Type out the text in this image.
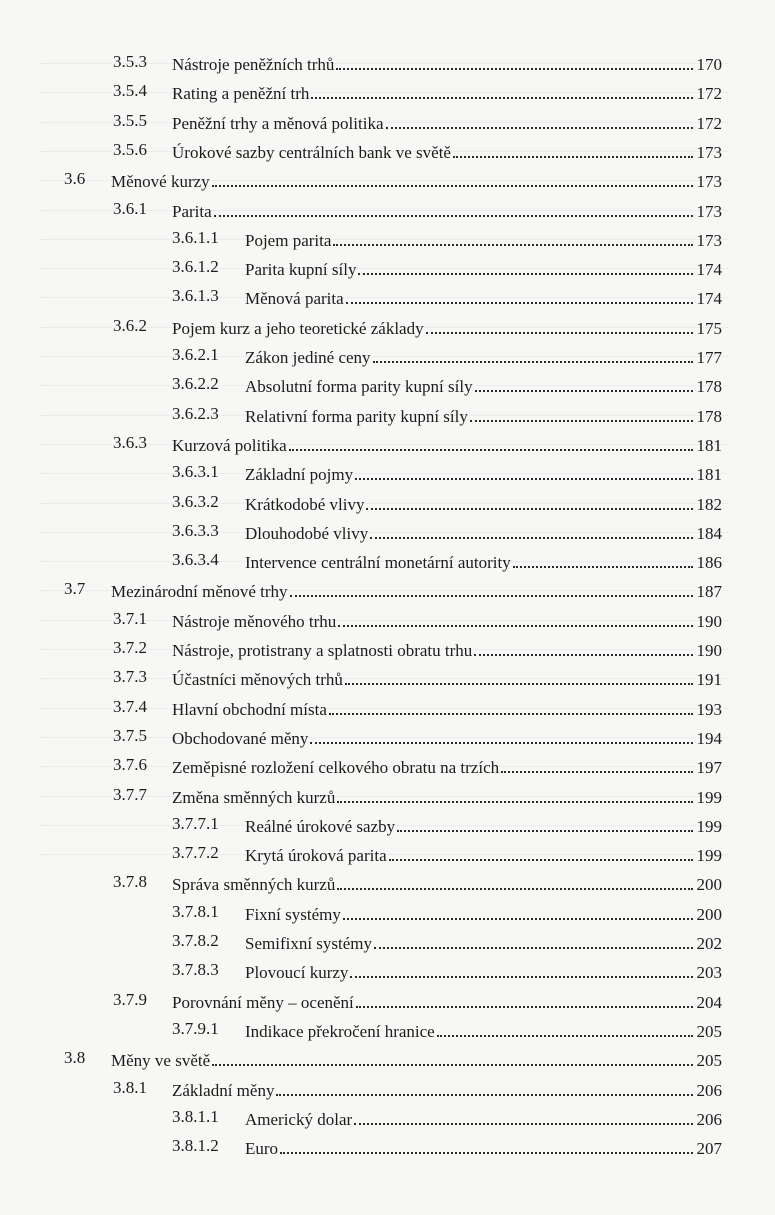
3.5.3 Nástroje peněžních trhů	170
3.5.4 Rating a peněžní trh	172
3.5.5 Peněžní trhy a měnová politika	172
3.5.6 Úrokové sazby centrálních bank ve světě	173
3.6 Měnové kurzy	173
3.6.1 Parita	173
3.6.1.1 Pojem parita	173
3.6.1.2 Parita kupní síly	174
3.6.1.3 Měnová parita	174
3.6.2 Pojem kurz a jeho teoretické základy	175
3.6.2.1 Zákon jediné ceny	177
3.6.2.2 Absolutní forma parity kupní síly	178
3.6.2.3 Relativní forma parity kupní síly	178
3.6.3 Kurzová politika	181
3.6.3.1 Základní pojmy	181
3.6.3.2 Krátkodobé vlivy	182
3.6.3.3 Dlouhodobé vlivy	184
3.6.3.4 Intervence centrální monetární autority	186
3.7 Mezinárodní měnové trhy	187
3.7.1 Nástroje měnového trhu	190
3.7.2 Nástroje, protistrany a splatnosti obratu trhu	190
3.7.3 Účastníci měnových trhů	191
3.7.4 Hlavní obchodní místa	193
3.7.5 Obchodované měny	194
3.7.6 Zeměpisné rozložení celkového obratu na trzích	197
3.7.7 Změna směnných kurzů	199
3.7.7.1 Reálné úrokové sazby	199
3.7.7.2 Krytá úroková parita	199
3.7.8 Správa směnných kurzů	200
3.7.8.1 Fixní systémy	200
3.7.8.2 Semifixní systémy	202
3.7.8.3 Plovoucí kurzy	203
3.7.9 Porovnání měny – ocenění	204
3.7.9.1 Indikace překročení hranice	205
3.8 Měny ve světě	205
3.8.1 Základní měny	206
3.8.1.1 Americký dolar	206
3.8.1.2 Euro	207
